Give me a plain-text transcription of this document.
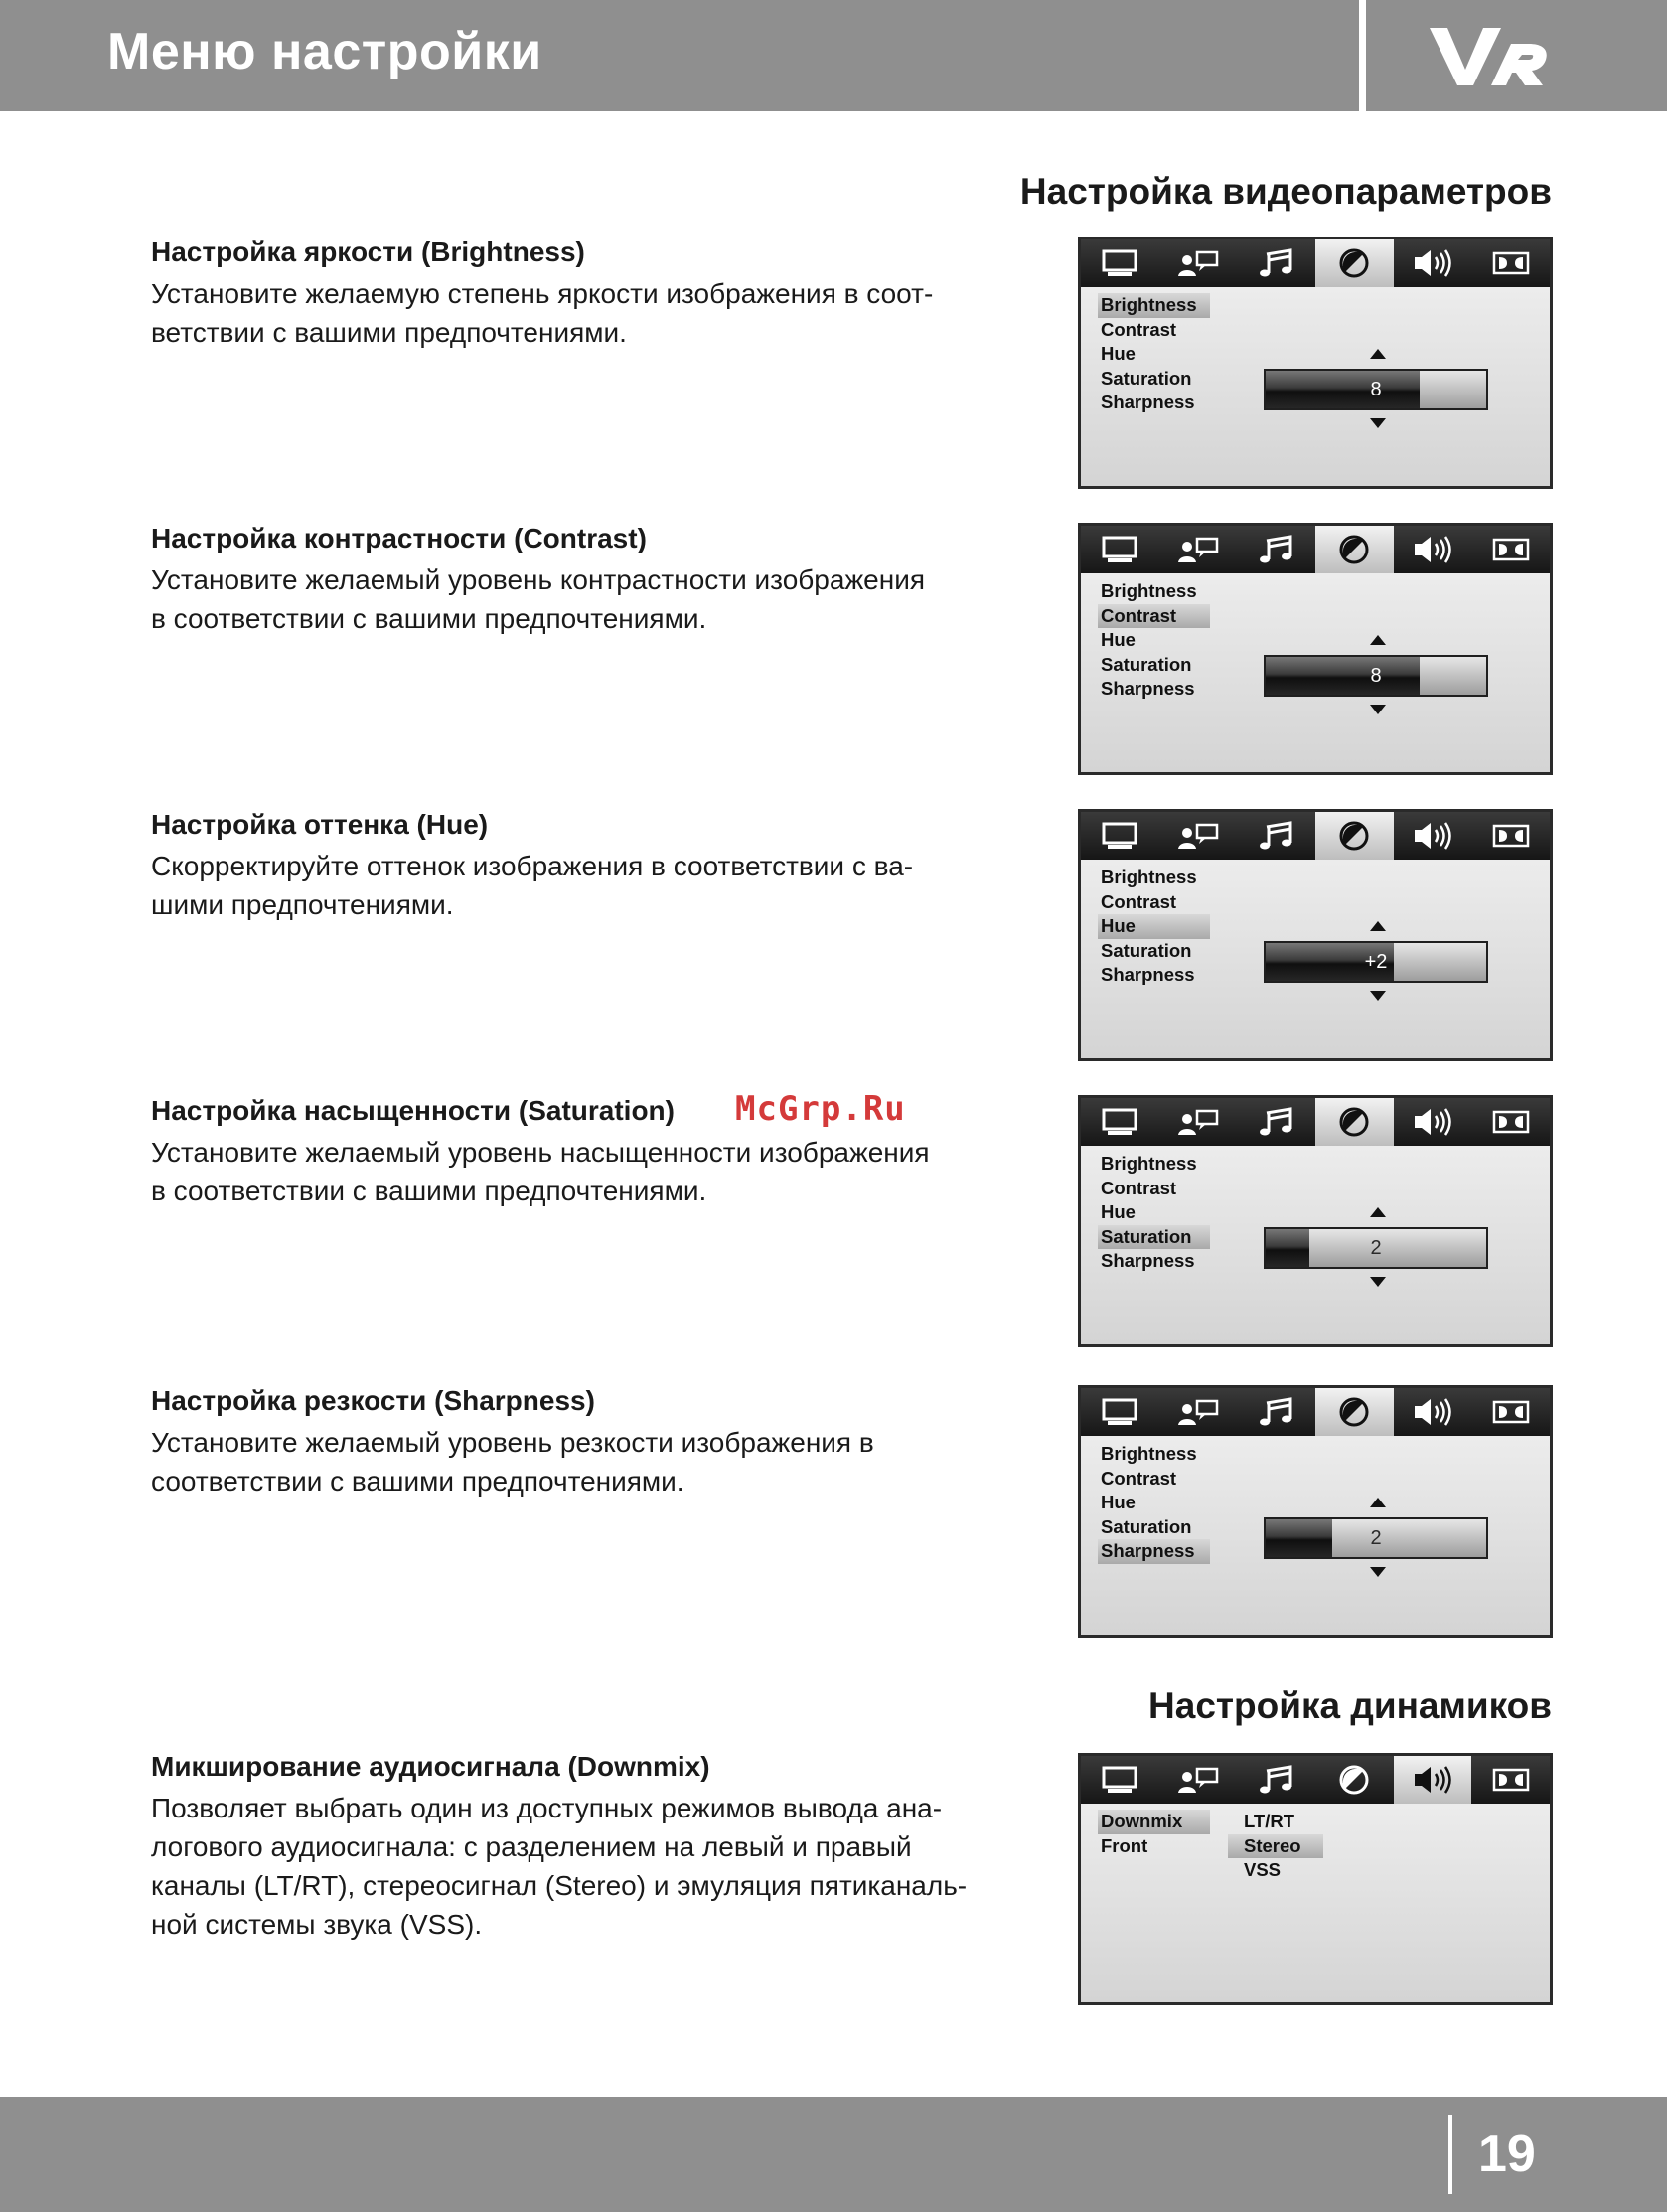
Меню настройки
Настройка видеопараметров
Настройка динамиков
Настройка яркости (Brightness)
Установите желаемую степень яркости изображения в соот-
ветствии с вашими предпочтениями.
Настройка контрастности (Contrast)
Установите желаемый уровень контрастности изображения
в соответствии с вашими предпочтениями.
Настройка оттенка (Hue)
Скорректируйте оттенок изображения в соответствии с ва-
шими предпочтениями.
Настройка насыщенности (Saturation)
Установите желаемый уровень насыщенности изображения
в соответствии с вашими предпочтениями.
Настройка резкости (Sharpness)
Установите желаемый уровень резкости изображения в
соответствии с вашими предпочтениями.
Микширование аудиосигнала (Downmix)
Позволяет выбрать один из доступных режимов вывода ана-
логового аудиосигнала: с разделением на левый и правый
каналы (LT/RT), стереосигнал (Stereo) и эмуляция пятиканаль-
ной системы звука (VSS).
McGrp.Ru
Brightness
Contrast
Hue
Saturation
Sharpness
8
Brightness
Contrast
Hue
Saturation
Sharpness
8
Brightness
Contrast
Hue
Saturation
Sharpness
+2
Brightness
Contrast
Hue
Saturation
Sharpness
2
Brightness
Contrast
Hue
Saturation
Sharpness
2
Downmix
Front
LT/RT
Stereo
VSS
19
